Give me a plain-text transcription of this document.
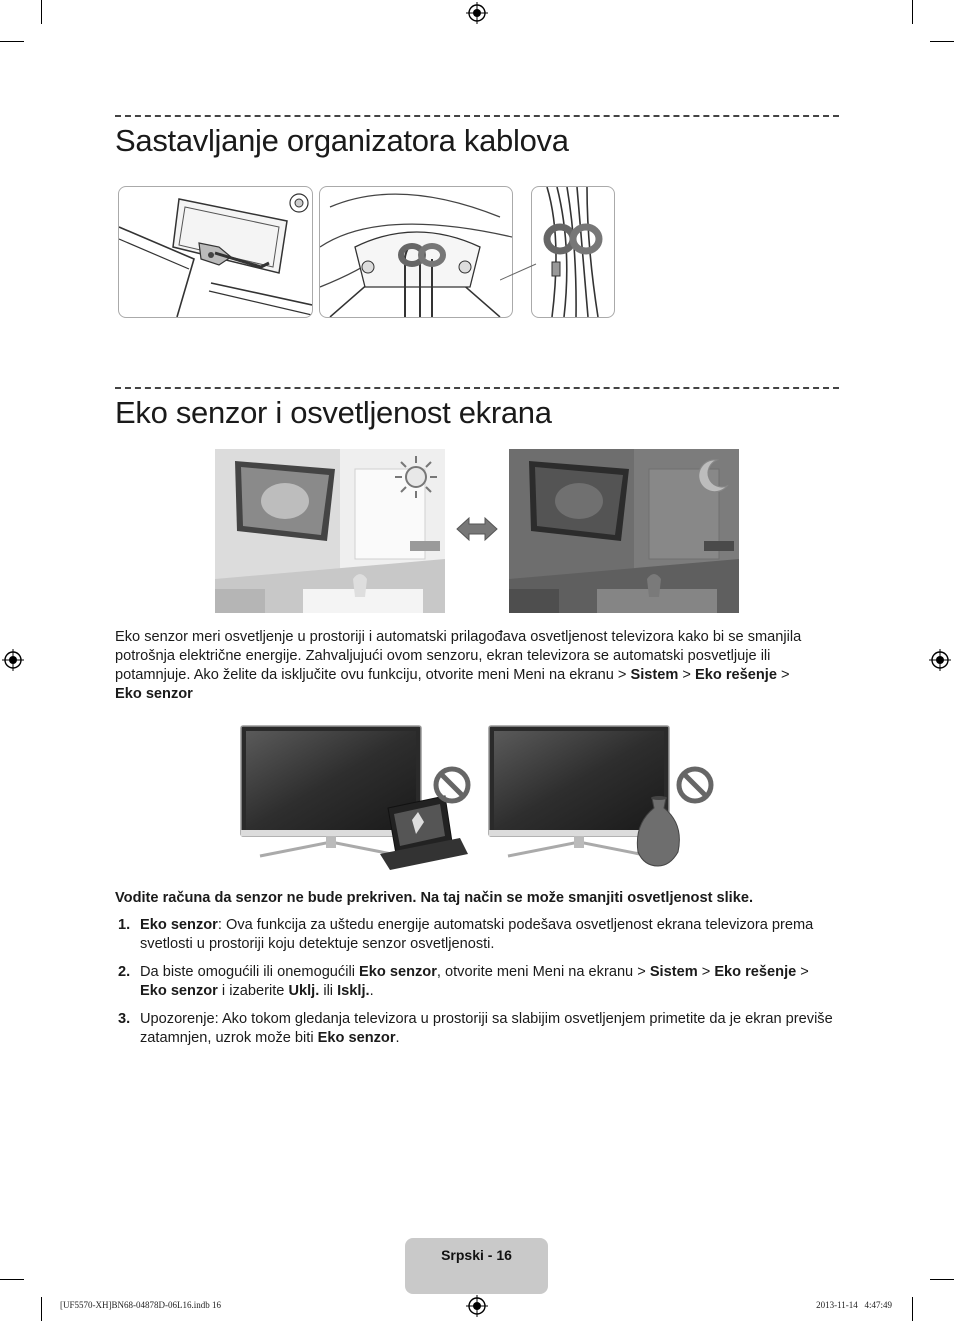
Sastavljanje organizatora kablova
Eko senzor i osvetljenost ekrana
Eko senzor meri osvetljenje u prostoriji i automatski prilagođava osvetljenost televizora kako bi se smanjila potrošnja električne energije. Zahvaljujući ovom senzoru, ekran televizora se automatski posvetljuje ili potamnjuje. Ako želite da isključite ovu funkciju, otvorite meni Meni na ekranu > Sistem > Eko rešenje >
Eko senzor
Vodite računa da senzor ne bude prekriven. Na taj način se može smanjiti osvetljenost slike.
1. Eko senzor: Ova funkcija za uštedu energije automatski podešava osvetljenost ekrana televizora prema svetlosti u prostoriji koju detektuje senzor osvetljenosti.
2. Da biste omogućili ili onemogućili Eko senzor, otvorite meni Meni na ekranu > Sistem > Eko rešenje >
Eko senzor i izaberite Uklj. ili Isklj..
3. Upozorenje: Ako tokom gledanja televizora u prostoriji sa slabijim osvetljenjem primetite da je ekran previše zatamnjen, uzrok može biti Eko senzor.
Srpski - 16
[UF5570-XH]BN68-04878D-06L16.indb 16	2013-11-14   4:47:49
